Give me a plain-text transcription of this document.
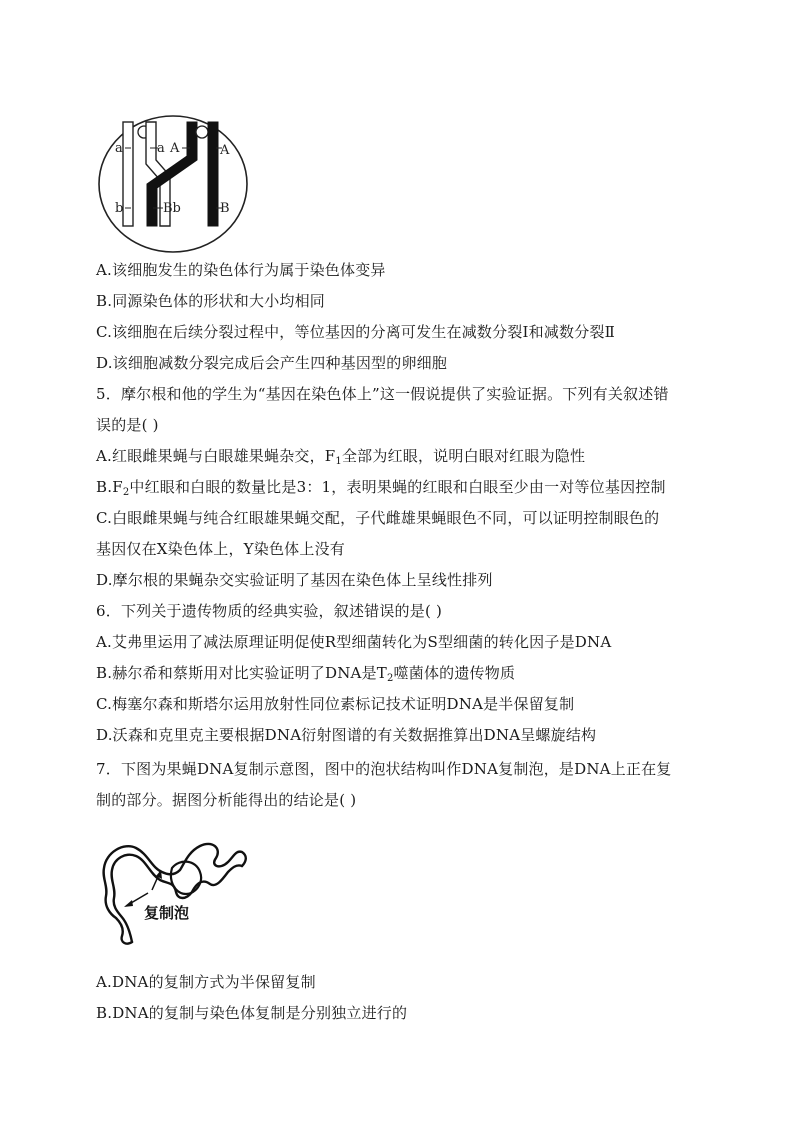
a	a A	A
b	Bb	B
A.该细胞发生的染色体行为属于染色体变异
B.同源染色体的形状和大小均相同
C.该细胞在后续分裂过程中，等位基因的分离可发生在减数分裂Ⅰ和减数分裂Ⅱ
D.该细胞减数分裂完成后会产生四种基因型的卵细胞
5．摩尔根和他的学生为“基因在染色体上”这一假说提供了实验证据。下列有关叙述错
误的是( )
A.红眼雌果蝇与白眼雄果蝇杂交，$F_1$全部为红眼，说明白眼对红眼为隐性
$B.F_2$中红眼和白眼的数量比是3：1，表明果蝇的红眼和白眼至少由一对等位基因控制
C.白眼雌果蝇与纯合红眼雄果蝇交配，子代雌雄果蝇眼色不同，可以证明控制眼色的
基因仅在X染色体上，Y染色体上没有
D.摩尔根的果蝇杂交实验证明了基因在染色体上呈线性排列
6．下列关于遗传物质的经典实验，叙述错误的是( )
A.艾弗里运用了减法原理证明促使R型细菌转化为S型细菌的转化因子是DNA
B.赫尔希和蔡斯用对比实验证明了DNA是$T_2$噬菌体的遗传物质
C.梅塞尔森和斯塔尔运用放射性同位素标记技术证明DNA是半保留复制
D.沃森和克里克主要根据DNA衍射图谱的有关数据推算出DNA呈螺旋结构
7．下图为果蝇DNA复制示意图，图中的泡状结构叫作DNA复制泡，是DNA上正在复
制的部分。据图分析能得出的结论是( )
复制泡
A.DNA的复制方式为半保留复制
B.DNA的复制与染色体复制是分别独立进行的
